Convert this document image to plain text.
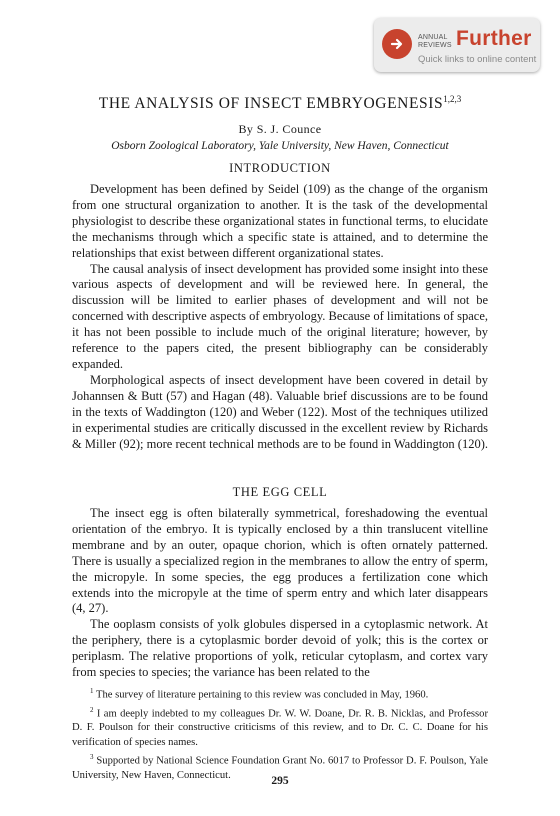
ANNUAL
REVIEWS Further
Quick links to online content
THE ANALYSIS OF INSECT EMBRYOGENESIS$^{1,2,3}$
By S. J. Counce
Osborn Zoological Laboratory, Yale University, New Haven, Connecticut
INTRODUCTION

Development has been defined by Seidel (109) as the change of the organism from one structural organization to another. It is the task of the developmental physiologist to describe these organizational states in functional terms, to elucidate the mechanisms through which a specific state is attained, and to determine the relationships that exist between different organizational states.

The causal analysis of insect development has provided some insight into these various aspects of development and will be reviewed here. In general, the discussion will be limited to earlier phases of development and will not be concerned with descriptive aspects of embryology. Because of limitations of space, it has not been possible to include much of the original literature; however, by reference to the papers cited, the present bibliography can be considerably expanded.

Morphological aspects of insect development have been covered in detail by Johannsen & Butt (57) and Hagan (48). Valuable brief discussions are to be found in the texts of Waddington (120) and Weber (122). Most of the techniques utilized in experimental studies are critically discussed in the excellent review by Richards & Miller (92); more recent technical methods are to be found in Waddington (120).

THE EGG CELL

The insect egg is often bilaterally symmetrical, foreshadowing the eventual orientation of the embryo. It is typically enclosed by a thin translucent vitelline membrane and by an outer, opaque chorion, which is often ornately patterned. There is usually a specialized region in the membranes to allow the entry of sperm, the micropyle. In some species, the egg produces a fertilization cone which extends into the micropyle at the time of sperm entry and which later disappears (4, 27).

The ooplasm consists of yolk globules dispersed in a cytoplasmic network. At the periphery, there is a cytoplasmic border devoid of yolk; this is the cortex or periplasm. The relative proportions of yolk, reticular cytoplasm, and cortex vary from species to species; the variance has been related to the

$^1$ The survey of literature pertaining to this review was concluded in May, 1960.

$^2$ I am deeply indebted to my colleagues Dr. W. W. Doane, Dr. R. B. Nicklas, and Professor D. F. Poulson for their constructive criticisms of this review, and to Dr. C. C. Doane for his verification of species names.

$^3$ Supported by National Science Foundation Grant No. 6017 to Professor D. F. Poulson, Yale University, New Haven, Connecticut.	295
